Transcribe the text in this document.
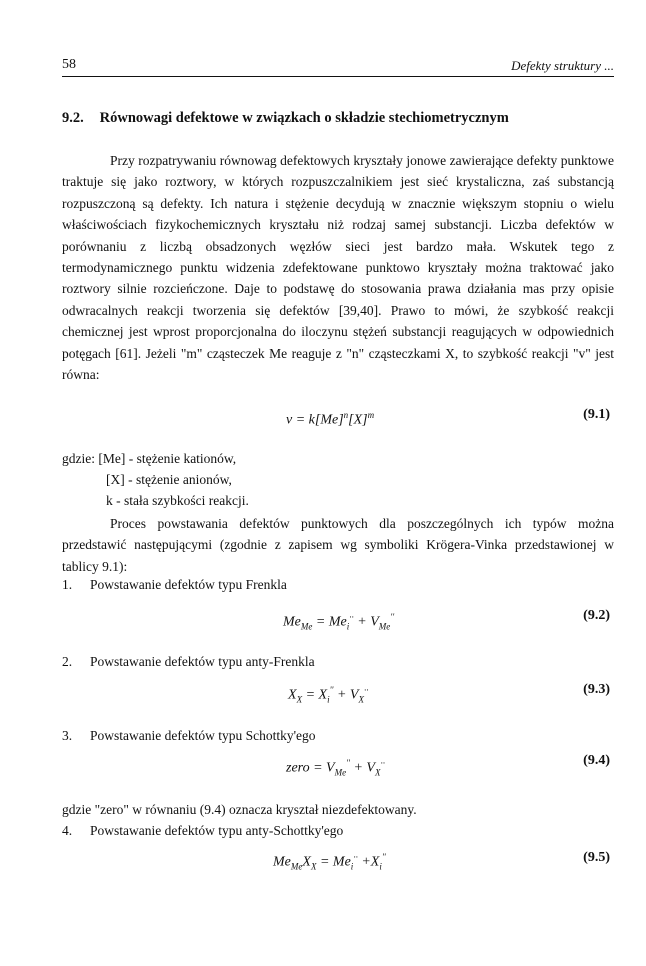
58	Defekty struktury ...
9.2. Równowagi defektowe w związkach o składzie stechiometrycznym

Przy rozpatrywaniu równowag defektowych kryształy jonowe zawierające defekty punktowe traktuje się jako roztwory, w których rozpuszczalnikiem jest sieć krystaliczna, zaś substancją rozpuszczoną są defekty. Ich natura i stężenie decydują w znacznie większym stopniu o wielu właściwościach fizykochemicznych kryształu niż rodzaj samej substancji. Liczba defektów w porównaniu z liczbą obsadzonych węzłów sieci jest bardzo mała. Wskutek tego z termodynamicznego punktu widzenia zdefektowane punktowo kryształy można traktować jako roztwory silnie rozcieńczone. Daje to podstawę do stosowania prawa działania mas przy opisie odwracalnych reakcji tworzenia się defektów [39,40]. Prawo to mówi, że szybkość reakcji chemicznej jest wprost proporcjonalna do iloczynu stężeń substancji reagujących w odpowiednich potęgach [61]. Jeżeli "m" cząsteczek Me reaguje z "n" cząsteczkami X, to szybkość reakcji "v" jest równa:

$v = k[Me]^n[X]^m$	(9.1)
gdzie: [Me] - stężenie kationów,
[X] - stężenie anionów,
k - stała szybkości reakcji.

Proces powstawania defektów punktowych dla poszczególnych ich typów można przedstawić następującymi (zgodnie z zapisem wg symboliki Krögera-Vinka przedstawionej w tablicy 9.1):

1. Powstawanie defektów typu Frenkla
$Me_{Me} = Me_i^{\cdot\cdot} + V_{Me}''$	(9.2)
2. Powstawanie defektów typu anty-Frenkla
$X_X = X_i'' + V_X^{\cdot\cdot}$	(9.3)
3. Powstawanie defektów typu Schottky'ego
zero = $V_{Me}'' + V_X^{\cdot\cdot}$	(9.4)
gdzie "zero" w równaniu (9.4) oznacza kryształ niezdefektowany.
4. Powstawanie defektów typu anty-Schottky'ego
$Me_{Me}X_X = Me_i^{\cdot\cdot} +X_i''$	(9.5)
